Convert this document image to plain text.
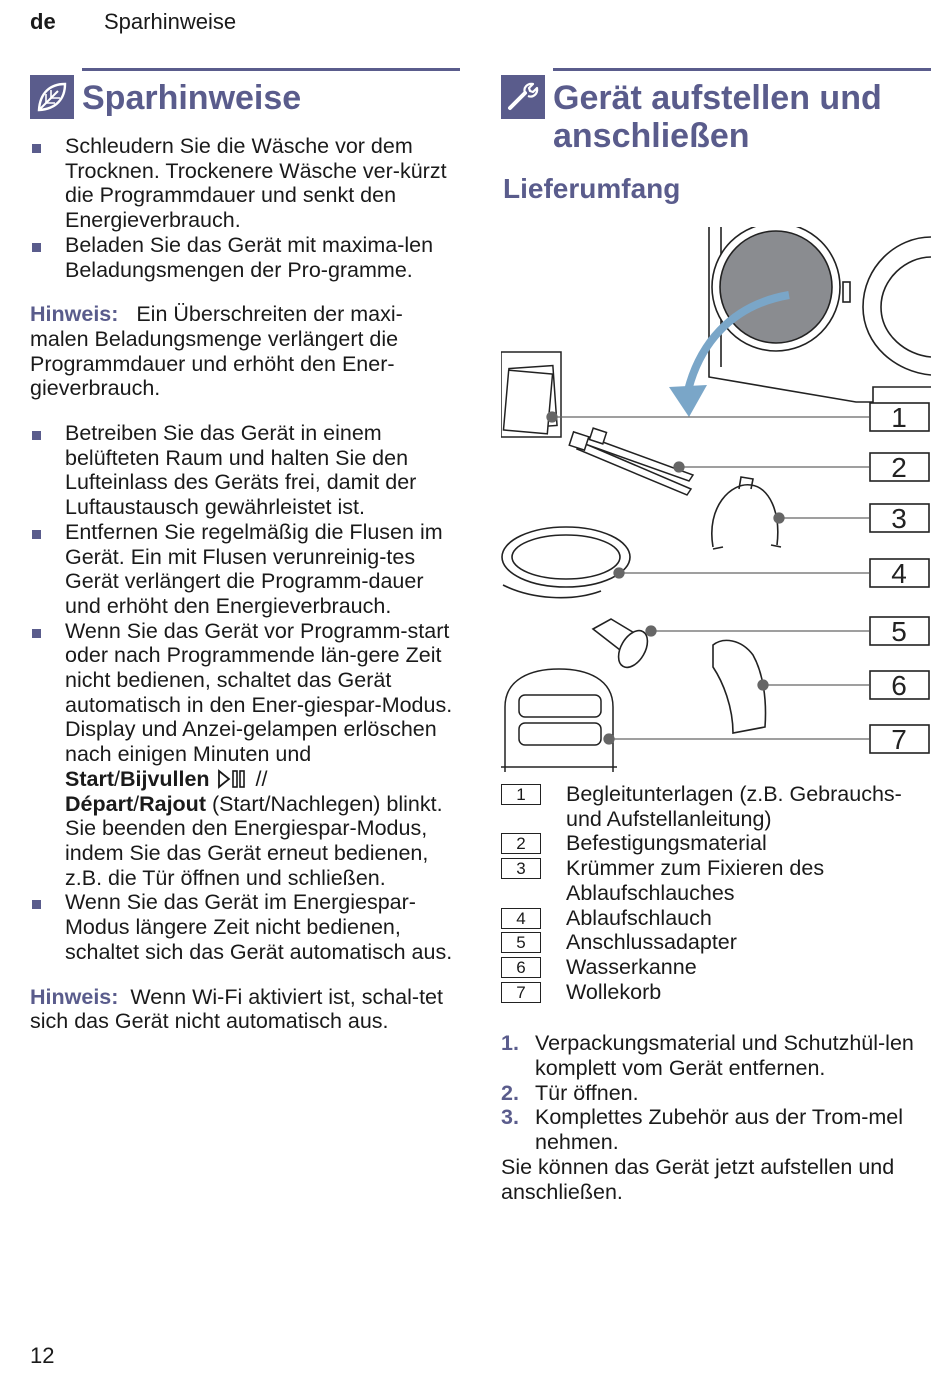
de Sparhinweise
Sparhinweise
Schleudern Sie die Wäsche vor dem Trocknen. Trockenere Wäsche ver-kürzt die Programmdauer und senkt den Energieverbrauch.
Beladen Sie das Gerät mit maxima-len Beladungsmengen der Pro-gramme.
Hinweis: Ein Überschreiten der maxi-malen Beladungsmenge verlängert die Programmdauer und erhöht den Ener-gieverbrauch.
Betreiben Sie das Gerät in einem belüfteten Raum und halten Sie den Lufteinlass des Geräts frei, damit der Luftaustausch gewährleistet ist.
Entfernen Sie regelmäßig die Flusen im Gerät. Ein mit Flusen verunreinig-tes Gerät verlängert die Programm-dauer und erhöht den Energieverbrauch.
Wenn Sie das Gerät vor Programm-start oder nach Programmende län-gere Zeit nicht bedienen, schaltet das Gerät automatisch in den Ener-giespar-Modus. Display und Anzei-gelampen erlöschen nach einigen Minuten und Start/Bijvullen  //
Départ/Rajout (Start/Nachlegen) blinkt. Sie beenden den Energiespar-Modus, indem Sie das Gerät erneut bedienen, z.B. die Tür öffnen und schließen.
Wenn Sie das Gerät im Energiespar-Modus längere Zeit nicht bedienen, schaltet sich das Gerät automatisch aus.
Hinweis: Wenn Wi-Fi aktiviert ist, schal-tet sich das Gerät nicht automatisch aus.
Gerät aufstellen und
anschließen
Lieferumfang
1
2
3
4
5
6
7
1	Begleitunterlagen (z.B. Gebrauchs- und Aufstellanleitung)
2	Befestigungsmaterial
3	Krümmer zum Fixieren des Ablaufschlauches
4	Ablaufschlauch
5	Anschlussadapter
6	Wasserkanne
7	Wollekorb
1. Verpackungsmaterial und Schutzhül-len komplett vom Gerät entfernen.
2. Tür öffnen.
3. Komplettes Zubehör aus der Trom-mel nehmen.
Sie können das Gerät jetzt aufstellen und anschließen.
12
